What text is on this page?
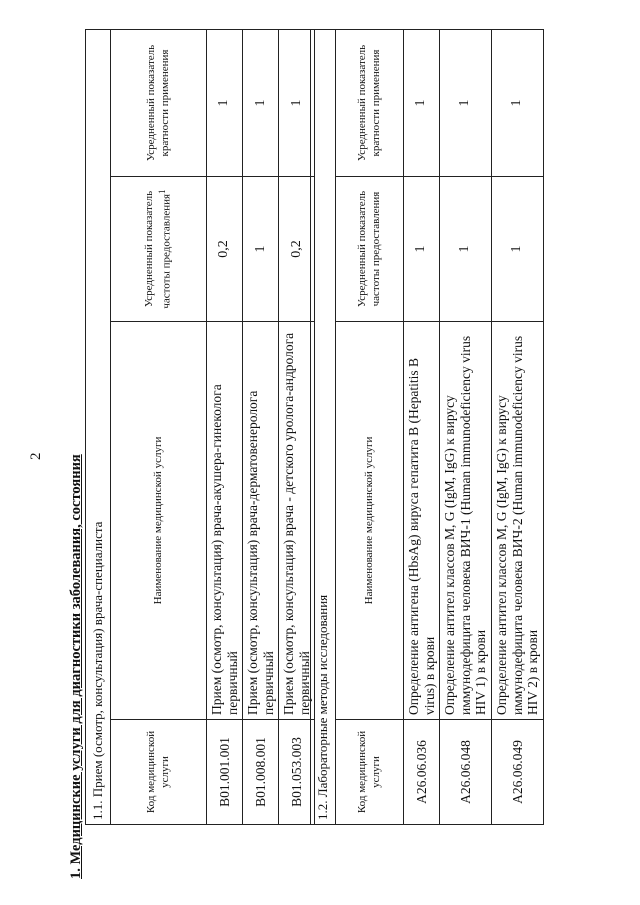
2 1. Медицинские услуги для диагностики заболевания, состояния 1.1. Прием (осмотр, консультация) врача-специалиста			
Код медицинской услуги	Наименование медицинской услуги	Усредненный показатель частоты предоставления$^1$	Усредненный показатель кратности применения
B01.001.001	Прием (осмотр, консультация) врача-акушера-гинеколога первичный	0,2	1
B01.008.001	Прием (осмотр, консультация) врача-дерматовенеролога первичный	1	1
B01.053.003	Прием (осмотр, консультация) врача - детского уролога-андролога первичный	0,2	1
1.2. Лабораторные методы исследования			
Код медицинской услуги	Наименование медицинской услуги	Усредненный показатель частоты предоставления	Усредненный показатель кратности применения
A26.06.036	Определение антигена (HbsAg) вируса гепатита B (Hepatitis B virus) в крови	1	1
A26.06.048	Определение антител классов M, G (IgM, IgG) к вирусу иммунодефицита человека ВИЧ-1 (Human immunodeficiency virus HIV 1) в крови	1	1
A26.06.049	Определение антител классов M, G (IgM, IgG) к вирусу иммунодефицита человека ВИЧ-2 (Human immunodeficiency virus HIV 2) в крови	1	1
